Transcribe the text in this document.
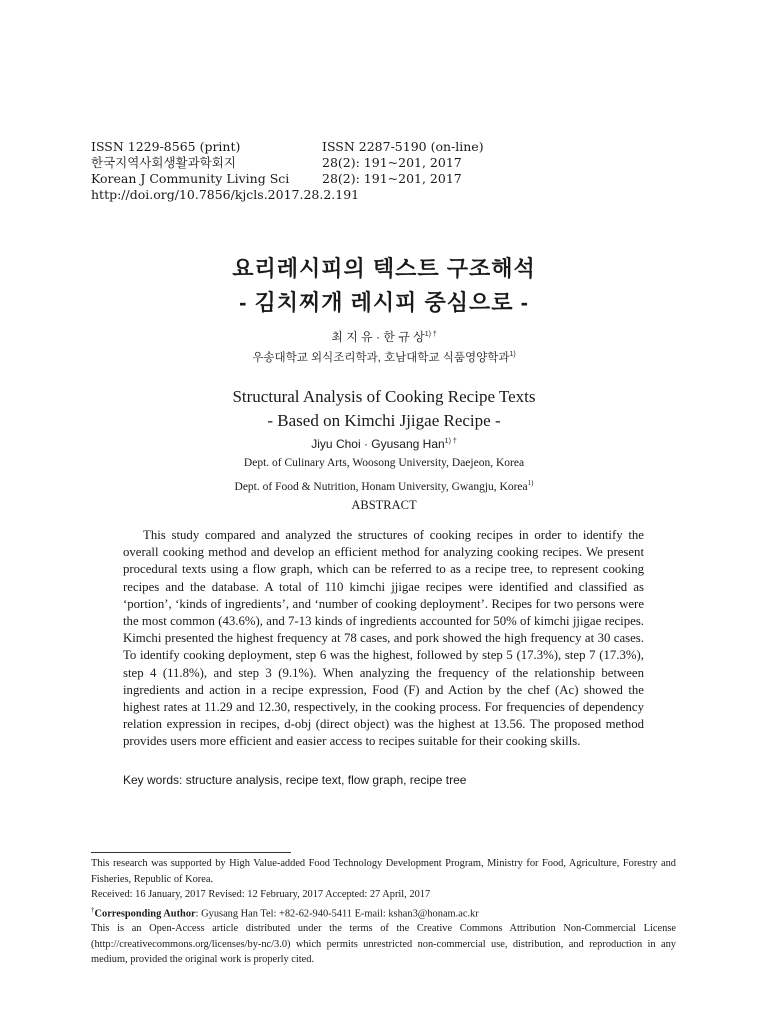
ISSN 1229-8565 (print)
한국지역사회생활과학회지
Korean J Community Living Sci
http://doi.org/10.7856/kjcls.2017.28.2.191
ISSN 2287-5190 (on-line)
28(2): 191~201, 2017
28(2): 191~201, 2017
요리레시피의 텍스트 구조해석
- 김치찌개 레시피 중심으로 -
최 지 유 · 한 규 상$^{1) \dagger}$
우송대학교 외식조리학과, 호남대학교 식품영양학과$^{1)}$
Structural Analysis of Cooking Recipe Texts
- Based on Kimchi Jjigae Recipe -
Jiyu Choi · Gyusang Han$^{1) \dagger}$
Dept. of Culinary Arts, Woosong University, Daejeon, Korea
Dept. of Food & Nutrition, Honam University, Gwangju, Korea$^{1)}$
ABSTRACT
This study compared and analyzed the structures of cooking recipes in order to identify the overall cooking method and develop an efficient method for analyzing cooking recipes. We present procedural texts using a flow graph, which can be referred to as a recipe tree, to represent cooking recipes and the database. A total of 110 kimchi jjigae recipes were identified and classified as ‘portion’, ‘kinds of ingredients’, and ‘number of cooking deployment’. Recipes for two persons were the most common (43.6%), and 7-13 kinds of ingredients accounted for 50% of kimchi jjigae recipes. Kimchi presented the highest frequency at 78 cases, and pork showed the high frequency at 30 cases. To identify cooking deployment, step 6 was the highest, followed by step 5 (17.3%), step 7 (17.3%), step 4 (11.8%), and step 3 (9.1%). When analyzing the frequency of the relationship between ingredients and action in a recipe expression, Food (F) and Action by the chef (Ac) showed the highest rates at 11.29 and 12.30, respectively, in the cooking process. For frequencies of dependency relation expression in recipes, d-obj (direct object) was the highest at 13.56. The proposed method provides users more efficient and easier access to recipes suitable for their cooking skills.
Key words: structure analysis, recipe text, flow graph, recipe tree

This research was supported by High Value-added Food Technology Development Program, Ministry for Food, Agriculture, Forestry and Fisheries, Republic of Korea.

Received: 16 January, 2017 Revised: 12 February, 2017 Accepted: 27 April, 2017

†Corresponding Author: Gyusang Han Tel: +82-62-940-5411 E-mail: kshan3@honam.ac.kr

This is an Open-Access article distributed under the terms of the Creative Commons Attribution Non-Commercial License (http://creativecommons.org/licenses/by-nc/3.0) which permits unrestricted non-commercial use, distribution, and reproduction in any medium, provided the original work is properly cited.
